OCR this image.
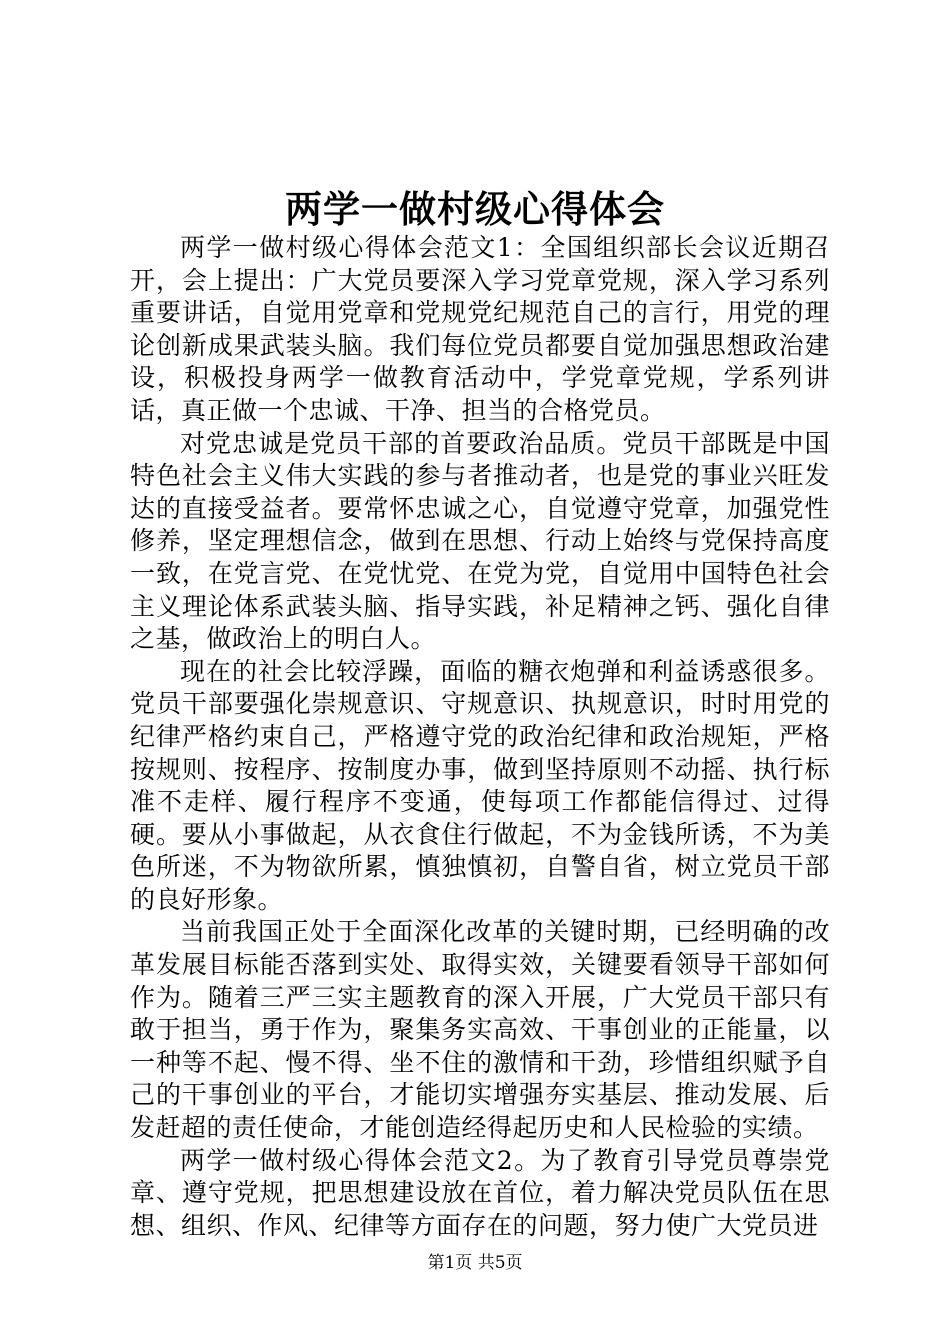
两学一做村级心得体会

两学一做村级心得体会范文1：全国组织部长会议近期召开，会上提出：广大党员要深入学习党章党规，深入学习系列重要讲话，自觉用党章和党规党纪规范自己的言行，用党的理论创新成果武装头脑。我们每位党员都要自觉加强思想政治建设，积极投身两学一做教育活动中，学党章党规，学系列讲话，真正做一个忠诚、干净、担当的合格党员。

对党忠诚是党员干部的首要政治品质。党员干部既是中国特色社会主义伟大实践的参与者推动者，也是党的事业兴旺发达的直接受益者。要常怀忠诚之心，自觉遵守党章，加强党性修养，坚定理想信念，做到在思想、行动上始终与党保持高度一致，在党言党、在党忧党、在党为党，自觉用中国特色社会主义理论体系武装头脑、指导实践，补足精神之钙、强化自律之基，做政治上的明白人。

现在的社会比较浮躁，面临的糖衣炮弹和利益诱惑很多。党员干部要强化崇规意识、守规意识、执规意识，时时用党的纪律严格约束自己，严格遵守党的政治纪律和政治规矩，严格按规则、按程序、按制度办事，做到坚持原则不动摇、执行标准不走样、履行程序不变通，使每项工作都能信得过、过得硬。要从小事做起，从衣食住行做起，不为金钱所诱，不为美色所迷，不为物欲所累，慎独慎初，自警自省，树立党员干部的良好形象。

当前我国正处于全面深化改革的关键时期，已经明确的改革发展目标能否落到实处、取得实效，关键要看领导干部如何作为。随着三严三实主题教育的深入开展，广大党员干部只有敢于担当，勇于作为，聚集务实高效、干事创业的正能量，以一种等不起、慢不得、坐不住的激情和干劲，珍惜组织赋予自己的干事创业的平台，才能切实增强夯实基层、推动发展、后发赶超的责任使命，才能创造经得起历史和人民检验的实绩。

两学一做村级心得体会范文2。为了教育引导党员尊崇党章、遵守党规，把思想建设放在首位，着力解决党员队伍在思想、组织、作风、纪律等方面存在的问题，努力使广大党员进

第1页 共5页
